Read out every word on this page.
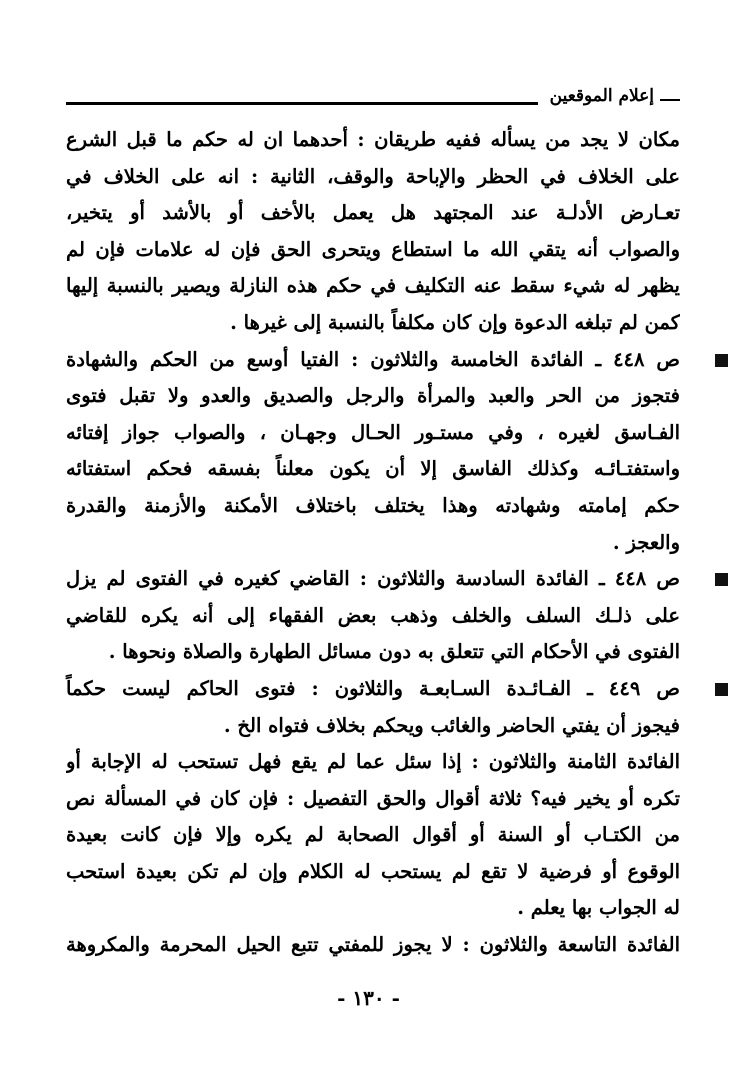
إعلام الموقعين
مكان لا يجد من يسأله ففيه طريقان : أحدهما ان له حكم ما قبل الشرع
على الخلاف في الحظر والإباحة والوقف، الثانية : انه على الخلاف في
تعـارض الأدلـة عند المجتهد هل يعمل بالأخف أو بالأشد أو يتخير،
والصواب أنه يتقي الله ما استطاع ويتحرى الحق فإن له علامات فإن لم
يظهر له شيء سقط عنه التكليف في حكم هذه النازلة ويصير بالنسبة إليها
كمن لم تبلغه الدعوة وإن كان مكلفاً بالنسبة إلى غيرها .
ص ٤٤٨ ـ الفائدة الخامسة والثلاثون : الفتيا أوسع من الحكم والشهادة
فتجوز من الحر والعبد والمرأة والرجل والصديق والعدو ولا تقبل فتوى
الفـاسق لغيره ، وفي مستـور الحـال وجهـان ، والصواب جواز إفتائه
واستفتـائـه وكذلك الفاسق إلا أن يكون معلناً بفسقه فحكم استفتائه
حكم إمامته وشهادته وهذا يختلف باختلاف الأمكنة والأزمنة والقدرة
والعجز .
ص ٤٤٨ ـ الفائدة السادسة والثلاثون : القاضي كغيره في الفتوى لم يزل
على ذلـك السلف والخلف وذهب بعض الفقهاء إلى أنه يكره للقاضي
الفتوى في الأحكام التي تتعلق به دون مسائل الطهارة والصلاة ونحوها .
ص ٤٤٩ ـ الفـائـدة السـابعـة والثلاثون : فتوى الحاكم ليست حكماً
فيجوز أن يفتي الحاضر والغائب ويحكم بخلاف فتواه الخ .
الفائدة الثامنة والثلاثون : إذا سئل عما لم يقع فهل تستحب له الإجابة أو
تكره أو يخير فيه؟ ثلاثة أقوال والحق التفصيل : فإن كان في المسألة نص
من الكتـاب أو السنة أو أقوال الصحابة لم يكره وإلا فإن كانت بعيدة
الوقوع أو فرضية لا تقع لم يستحب له الكلام وإن لم تكن بعيدة استحب
له الجواب بها يعلم .
الفائدة التاسعة والثلاثون : لا يجوز للمفتي تتبع الحيل المحرمة والمكروهة
- ١٣٠ -
